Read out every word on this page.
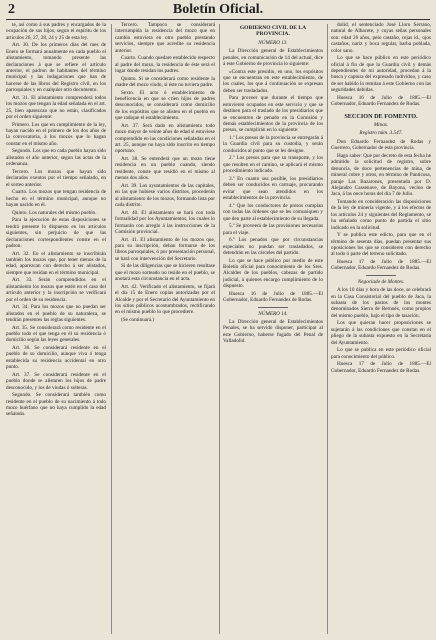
2	Boletín Oficial.

te, así como á sus padres y encargados de la ocupación de sus hijos, segun el espíritu de los artículos 26, 27, 28, 24 y 25 de esta ley.

Art. 30. De los primeros días del mes de Enero se formará anualmente en cada pueblo el alistamiento, tomando presente las declaraciones á que se refiere el artículo anterior, el padron de habitantes del término municipal y las indagaciones que han de hacerse de las libros del Registro civil, en los parroquiales y en cualquier otro documento.

Art. 31. El alistamiento comprenderá todos los mozos que tengan la edad señalada en el art. 25, bien aparezcan que no están, clasificados por el orden siguiente:

Primero. Los que en cumplimiento de la ley, hayan nacido en el primero de los dos años de la convocatoria, á los mozos que lo hagan constar en el mismo año.

Segundo. Los que en cada pueblo hayan sido alistados el año anterior, segun las actas de la ordenanza.

Tercero. Los mozos que hayan sido declarados exentos por el tiempo señalado, en el sorteo anterior.

Cuarto. Los mozos que tengan residencia de hecho en el término municipal, aunque no hayan nacido en él.

Quinto. Los naturales del mismo pueblo.

Para la ejecución de estas disposiciones se tendrá presente lo dispuesto en los artículos siguientes, sin perjuicio de que las declaraciones correspondientes conste en el padron.

Art. 32. En el alistamiento se inscribirán también los mozos que, por tener menos de la edad, aparezcan con derecho á ser alistados, siempre que residan en el término municipal.

Art. 33. Serán comprendidos en el alistamiento los mozos que estén en el caso del artículo anterior y la inscripción se verificará por el orden de su residencia.

Art. 34. Para los mozos que no puedan ser alistados en el pueblo de su naturaleza, se tendrán presentes las reglas siguientes.

Art. 35. Se considerará como residente en el pueblo todo el que tenga en él su residencia ó domicilio según las leyes generales.

Art. 36. Se considerará residente en el pueblo de su domicilio, aunque viva ó tenga establecida su residencia accidental en otro punto.

Art. 37. Se considerará residente en el pueblo donde se alistaren los hijos de padre desconocido, y los de viudas ó solteras.

Segundo. Se considerará también como residente en el pueblo de su nacimiento á todo mozo huérfano que no haya cumplido la edad señalada.

Tercero. Tampoco se considerará interrumpida la residencia del mozo que en cambio estuviera en otro pueblo prestando servicios, siempre que acredite su residencia anterior.

Cuarto. Cuando quedare establecido respecto al padre del mozo, la residencia de éste será el lugar donde residan los padres.

Quinto. Si se considerará como residente la madre del mozo viudo, si éste no tuviera padre.

Sexto. El acto ó establecimiento de beneficencia en que se críen hijos de padres desconocidos, se considerará como domicilio de los expósitos que se alisten en el pueblo en que radique el establecimiento.

Art. 37. Será dado en alistamiento todo mozo mayor de veinte años de edad si estuviese comprendido en las condiciones señaladas en el art. 25, aunque no haya sido inscrito en tiempo oportuno.

Art. 38. Se entenderá que un mozo tiene residencia en un pueblo cuando, siendo residente, conste que residió en el mismo al menos dos años.

Art. 39. Los ayuntamientos de las capitales, en las que hubiese varios distritos, procederán al alistamiento de los mozos, formando lista por cada distrito.

Art. 40. El alistamiento se hará con toda formalidad por los Ayuntamientos, los cuales lo formarán con arreglo á las instrucciones de la Comisión provincial.

Art. 41. El alistamiento de los mozos que, para su inscripción, deban formarse de los libros parroquiales, ó por presentación personal, se hará con intervención del Secretario.

Si de las diligencias que se hicieren resultase que el mozo sorteado no reside en el pueblo, se anotará esta circunstancia en el acta.

Art. 42. Verificado el alistamiento, se fijará el día 15 de Enero copias autorizadas por el Alcalde y por el Secretario del Ayuntamiento en los sitios públicos acostumbrados, rectificando en el mismo pueblo lo que procediere.

(Se continuará.)

GOBIERNO CIVIL DE LA PROVINCIA.

NÚMERO 13.

La Dirección general de Establecimientos penales, en comunicación de 14 del actual, dice á este Gobierno de provincia lo siguiente:

«Contra este presidio, en uno, los expósitos que se encuentran en este establecimiento, de los cuales, los que á continuación se expresan deben ser trasladados.

Para proveer que durante el tiempo que estuvieren ocupados en este servicio y que se destinen para el traslado de los presidiarios que se encuentren de penado en la Comisión y demás establecimientos de la provincia de los presos, se cumplirán en lo siguiente:

1.º Los presos de la provincia se entregarán á la Guardia civil para su custodia, y serán conducidos al punto que se les designe.

2.º Los presos para que su transporte, y los que resulten en el camino, se aplicará el mismo procedimiento indicado.

3.º En cuanto sea posible, los presidiarios deben ser conducidos en carruaje, procurando evitar que sean atendidos en los establecimientos de la provincia.

4.º Que los conductores de presos cumplan con todas las órdenes que se les comuniquen y que den parte al establecimiento de su llegada.

5.º Se proveerá de las provisiones necesarias para el viaje.

6.º Los penados que por circunstancias especiales no puedan ser trasladados, se detendrán en las cárceles del partido.

Lo que se hace público por medio de este Boletín oficial para conocimiento de los Sres. Alcaldes de los pueblos, cabezas de partido judicial, á quienes encargo cumplimiento de lo dispuesto.

Huesca 16 de Julio de 1885.—El Gobernador, Eduardo Fernandez de Rodas.

NÚMERO 14.

La Dirección general de Establecimientos Penales, se ha servido disponer, participar al este Gobierno, haberse fugado del Penal de Valladolid.

dolid, el sentenciado José Lloro Serrano, natural de Albacete, y cuyas señas personales son: edad 26 años, pelo castaño, cejas id., ojos castaños, nariz y boca regular, barba poblada, color sano.

Lo que se hace público en este periódico oficial á fin de que la Guardia civil y demás dependientes de mi autoridad, procedan á la busca y captura del expresado individuo, y caso de ser habido lo remitan á este Gobierno con las seguridades debidas.

Huesca 16 de Julio de 1885.—El Gobernador, Eduardo Fernandez de Rodas.

SECCION DE FOMENTO.

Minas.

Registro núm. 3.547.

Don Eduardo Fernandez de Rodas y Guerrero, Gobernador de esta provincia.

Hago saber: Que por decreto de esta fecha he admitido la solicitud de registro, sobre denuncia, de doce pertenencias de mina, de mineral cobre y otros, en término de Panticosa, paraje Las Bazarones, presentada por D. Alejandro Cassenave, de Bayona, vecino de Jaca, á las once horas del día 7 de Julio.

Tomando en consideración las disposiciones de la ley de minería vigente, y á los efectos de los artículos 24 y siguientes del Reglamento, se ha señalado como punto de partida el sitio indicado en la solicitud.

Y se publica este edicto, para que en el término de sesenta días, puedan presentar sus oposiciones los que se consideren con derecho al todo ó parte del terreno solicitado.

Huesca 17 de Julio de 1885.—El Gobernador, Eduardo Fernandez de Rodas.

Negociado de Montes.

A los 10 días y hora de las doce, se celebrará en la Casa Consistorial del pueblo de Jaca, la subasta de los pastos de los montes denominados Sierra de Bernués, como propios del mismo pueblo, bajo el tipo de tasación.

Los que quieran hacer proposiciones se sujetarán á las condiciones que constan en el pliego de la subasta expuesto en la Secretaría del Ayuntamiento.

Lo que se publica en este periódico oficial para conocimiento del público.

Huesca 17 de Julio de 1885.—El Gobernador, Eduardo Fernandez de Rodas.
